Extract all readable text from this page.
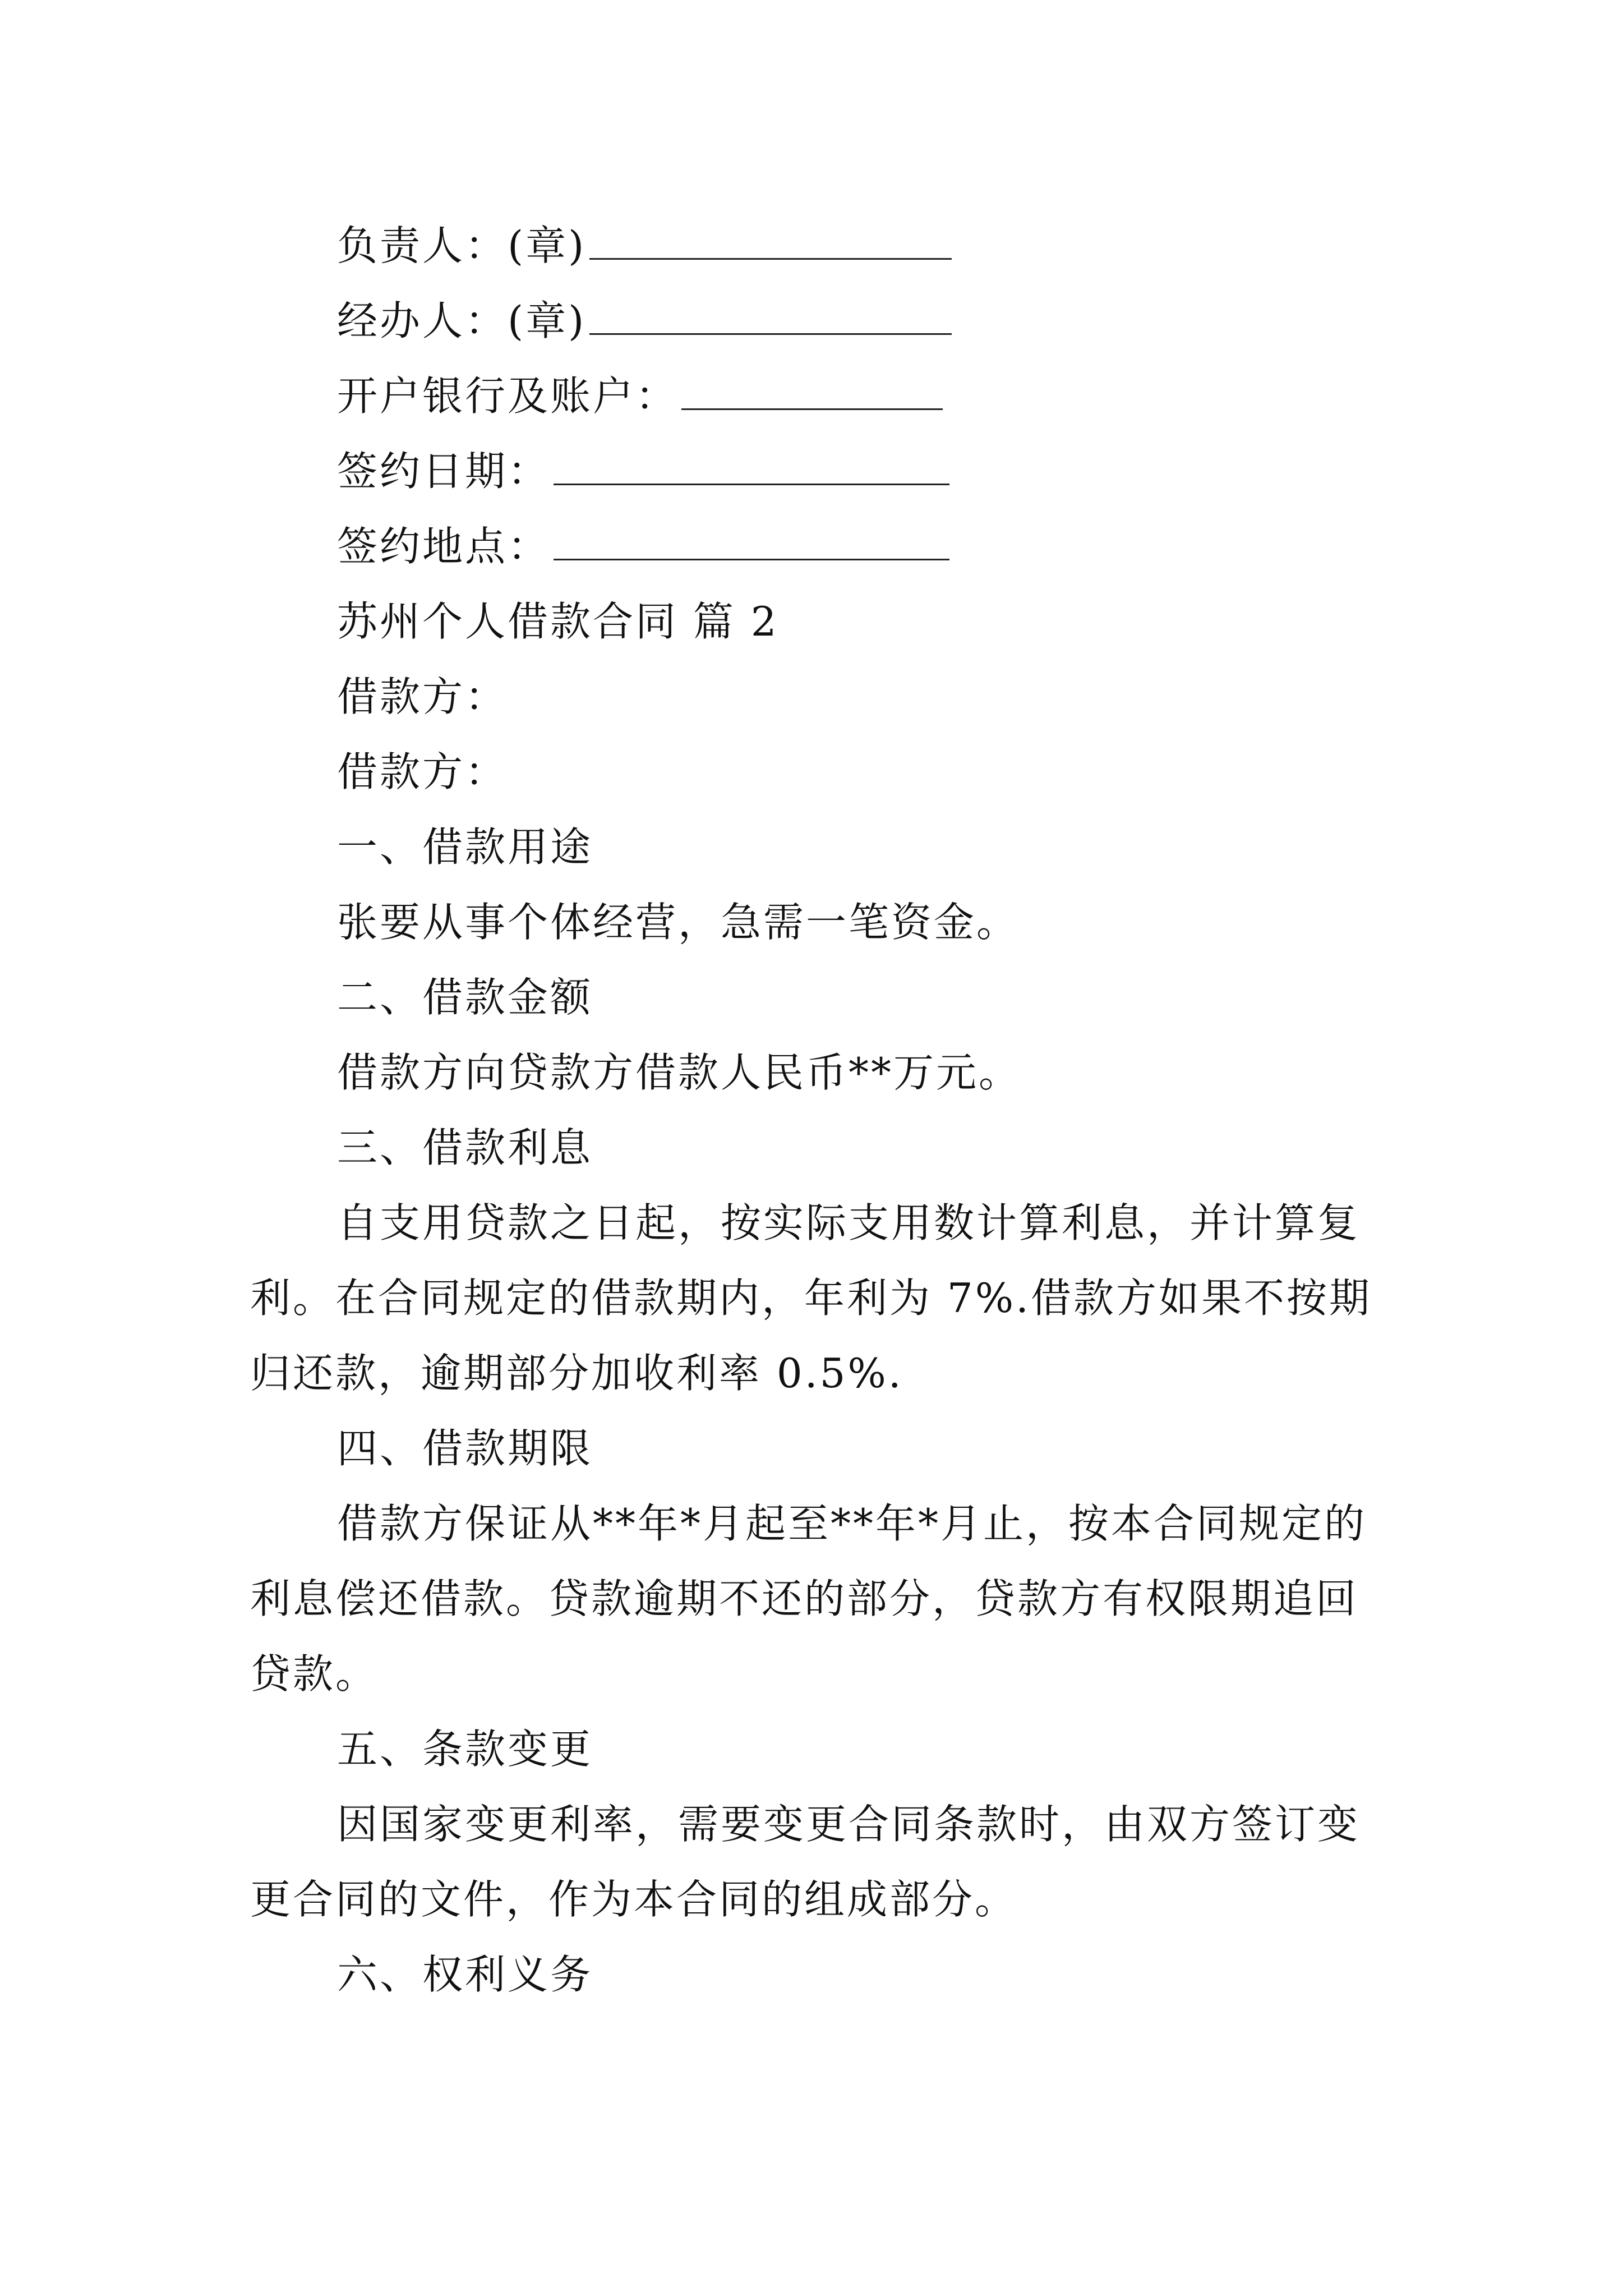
负责人：(章)
经办人：(章)
开户银行及账户：
签约日期：
签约地点：
苏州个人借款合同 篇 2
借款方：
借款方：
一、借款用途
张要从事个体经营，急需一笔资金。
二、借款金额
借款方向贷款方借款人民币**万元。
三、借款利息
自支用贷款之日起，按实际支用数计算利息，并计算复
利。在合同规定的借款期内，年利为 7%.借款方如果不按期
归还款，逾期部分加收利率 0.5%.
四、借款期限
借款方保证从**年*月起至**年*月止，按本合同规定的
利息偿还借款。贷款逾期不还的部分，贷款方有权限期追回
贷款。
五、条款变更
因国家变更利率，需要变更合同条款时，由双方签订变
更合同的文件，作为本合同的组成部分。
六、权利义务
